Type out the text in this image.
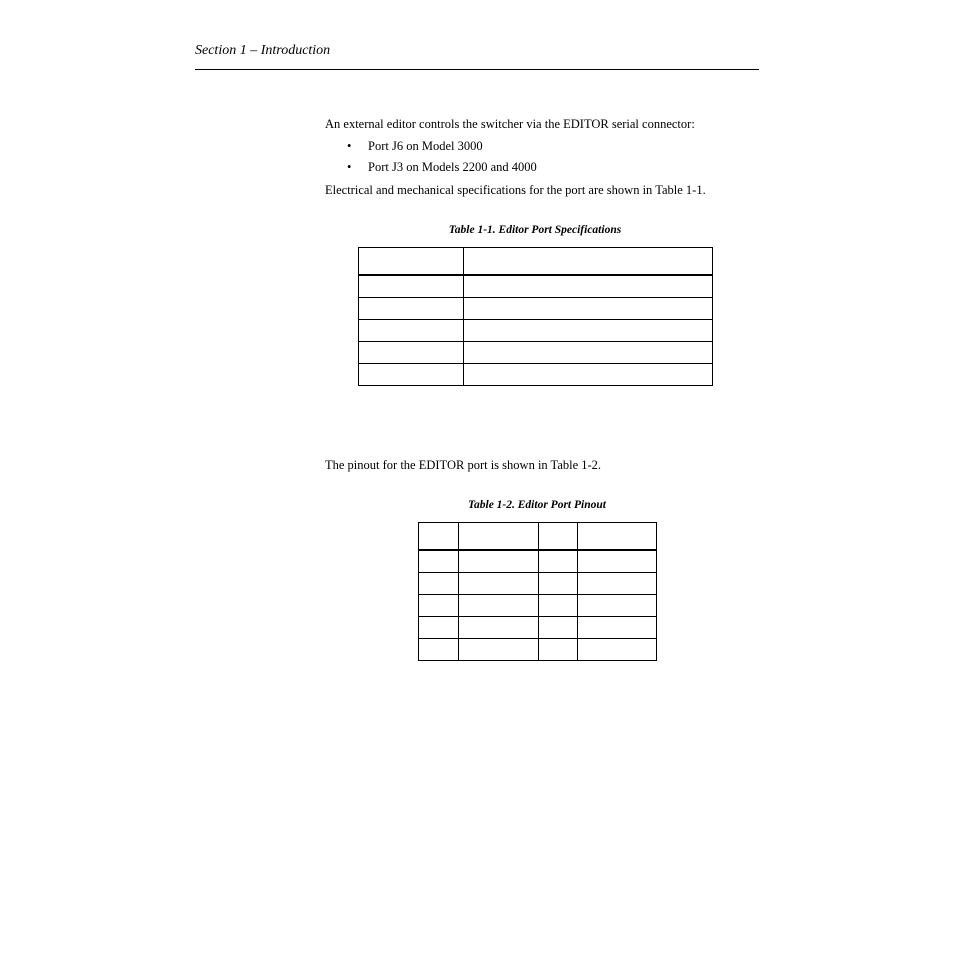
Section 1 – Introduction
An external editor controls the switcher via the EDITOR serial connector:
• Port J6 on Model 3000
• Port J3 on Models 2200 and 4000
Electrical and mechanical specifications for the port are shown in Table 1-1.
Table 1-1. Editor Port Specifications

The pinout for the EDITOR port is shown in Table 1-2.
Table 1-2. Editor Port Pinout
